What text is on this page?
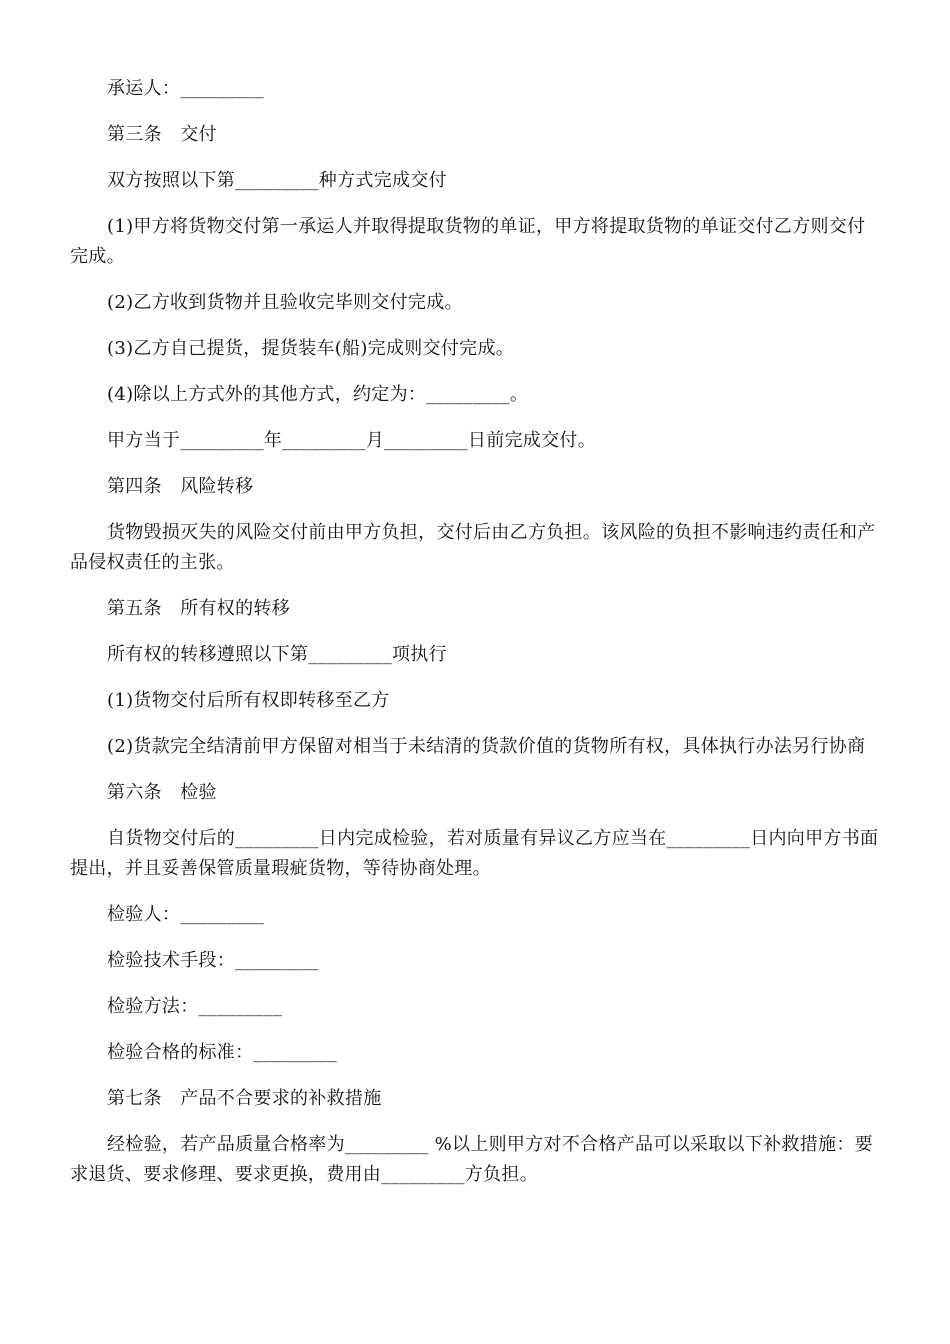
承运人：_________

第三条　交付

双方按照以下第_________种方式完成交付

(1)甲方将货物交付第一承运人并取得提取货物的单证，甲方将提取货物的单证交付乙方则交付完成。

(2)乙方收到货物并且验收完毕则交付完成。

(3)乙方自己提货，提货装车(船)完成则交付完成。

(4)除以上方式外的其他方式，约定为：_________。

甲方当于_________年_________月_________日前完成交付。

第四条　风险转移

货物毁损灭失的风险交付前由甲方负担，交付后由乙方负担。该风险的负担不影响违约责任和产品侵权责任的主张。

第五条　所有权的转移

所有权的转移遵照以下第_________项执行

(1)货物交付后所有权即转移至乙方

(2)货款完全结清前甲方保留对相当于未结清的货款价值的货物所有权，具体执行办法另行协商

第六条　检验

自货物交付后的_________日内完成检验，若对质量有异议乙方应当在_________日内向甲方书面提出，并且妥善保管质量瑕疵货物，等待协商处理。

检验人：_________

检验技术手段：_________

检验方法：_________

检验合格的标准：_________

第七条　产品不合要求的补救措施

经检验，若产品质量合格率为_________ %以上则甲方对不合格产品可以采取以下补救措施：要求退货、要求修理、要求更换，费用由_________方负担。
